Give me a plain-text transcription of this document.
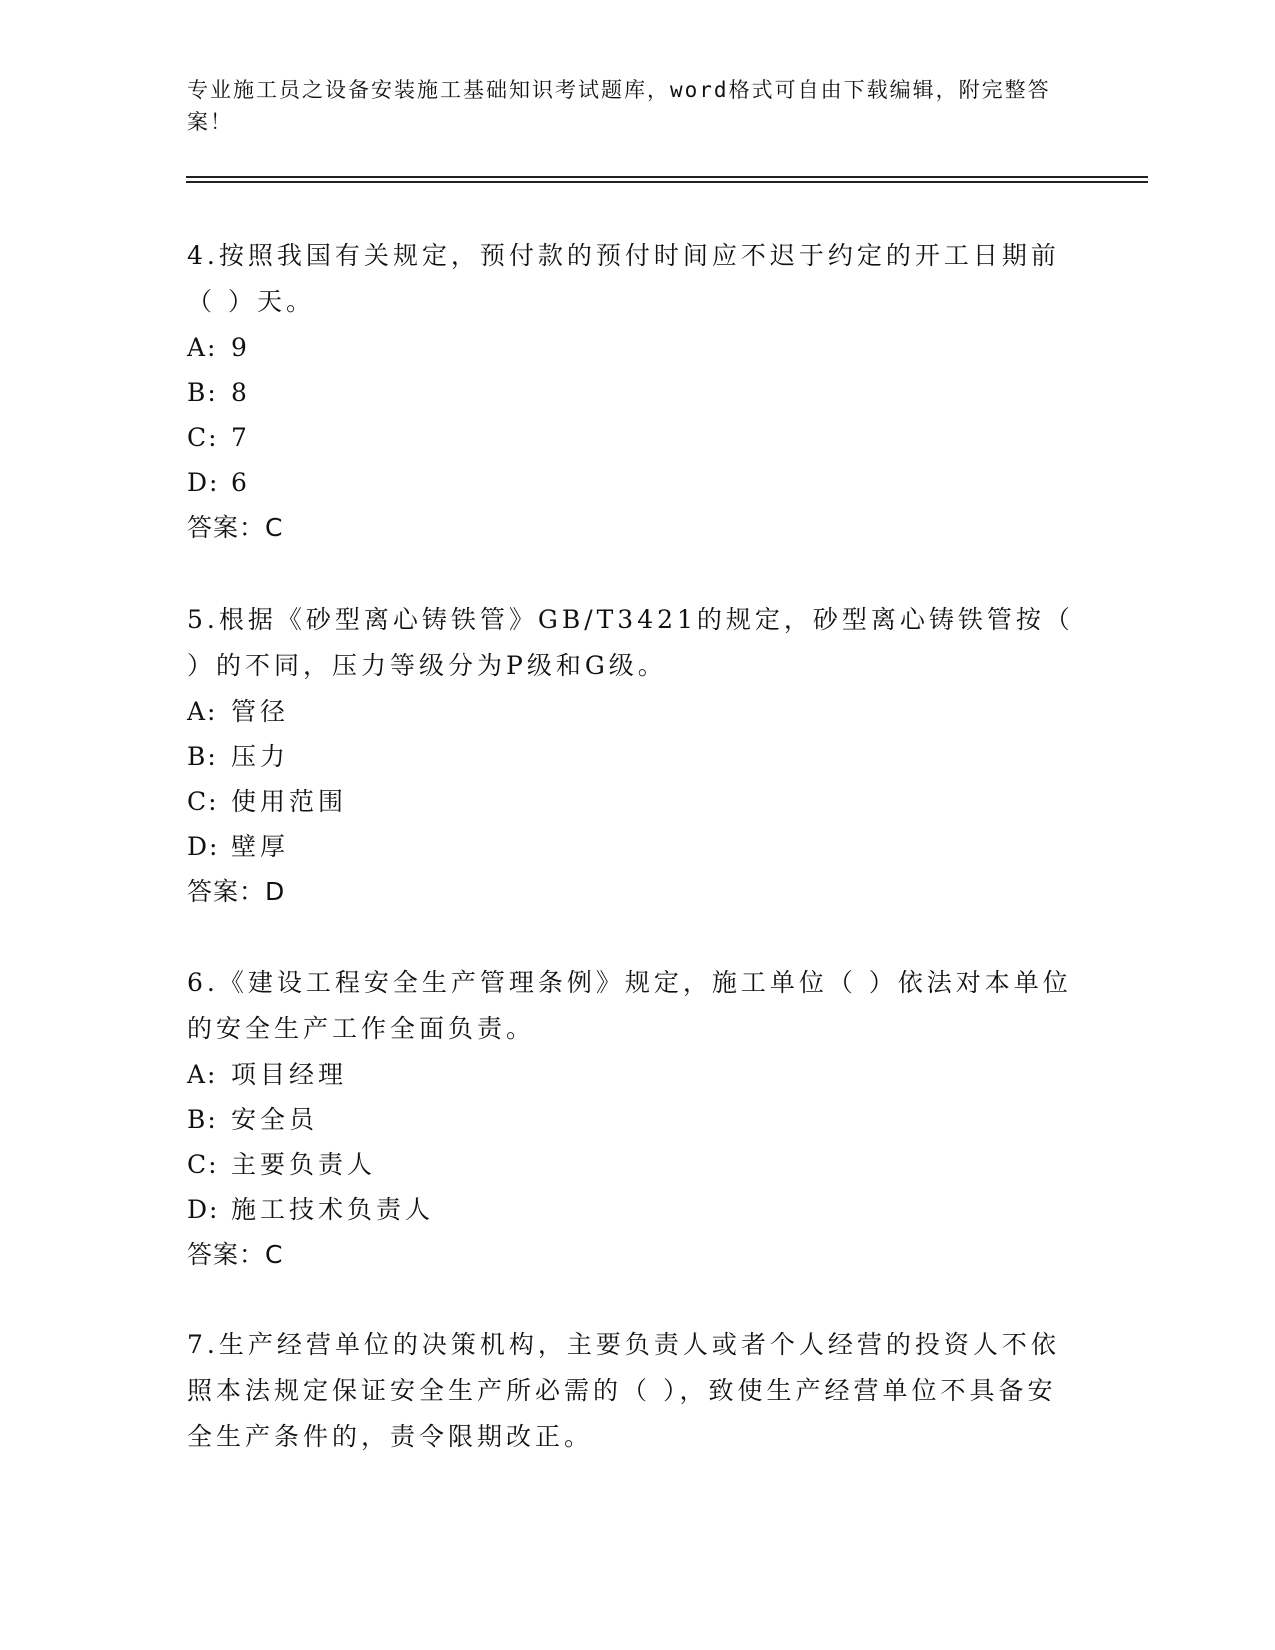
专业施工员之设备安装施工基础知识考试题库，word格式可自由下载编辑，附完整答案！
4.按照我国有关规定，预付款的预付时间应不迟于约定的开工日期前（ ）天。
A: 9
B: 8
C: 7
D: 6
答案：C
5.根据《砂型离心铸铁管》GB/T3421的规定，砂型离心铸铁管按（ ）的不同，压力等级分为P级和G级。
A: 管径
B: 压力
C: 使用范围
D: 壁厚
答案：D
6.《建设工程安全生产管理条例》规定，施工单位（ ）依法对本单位的安全生产工作全面负责。
A: 项目经理
B: 安全员
C: 主要负责人
D: 施工技术负责人
答案：C
7.生产经营单位的决策机构，主要负责人或者个人经营的投资人不依照本法规定保证安全生产所必需的（ ），致使生产经营单位不具备安全生产条件的，责令限期改正。
